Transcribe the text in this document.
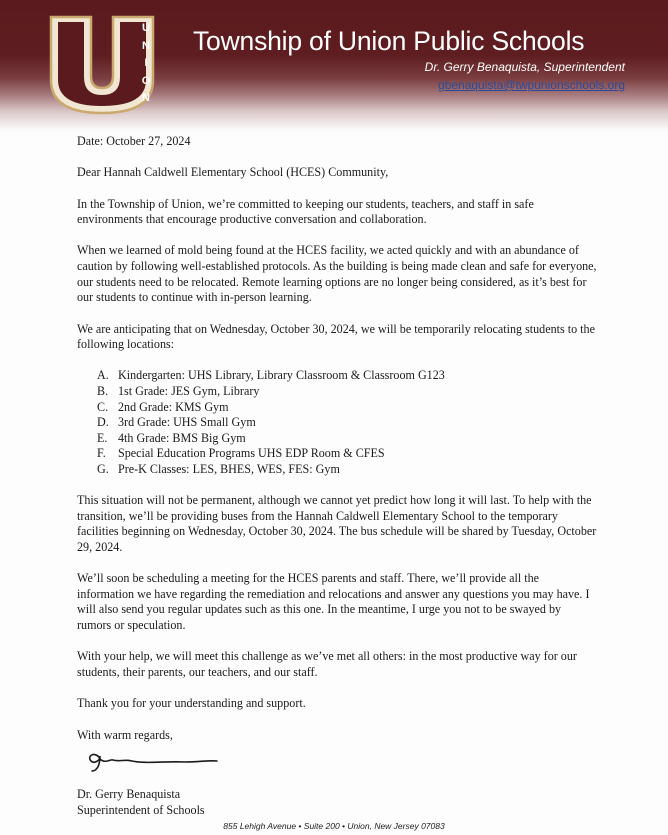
U
N
I
O
N
Township of Union Public Schools
Dr. Gerry Benaquista, Superintendent
gbenaquista@twpunionschools.org

Date: October 27, 2024

Dear Hannah Caldwell Elementary School (HCES) Community,

In the Township of Union, we’re committed to keeping our students, teachers, and staff in safe environments that encourage productive conversation and collaboration.

When we learned of mold being found at the HCES facility, we acted quickly and with an abundance of caution by following well-established protocols. As the building is being made clean and safe for everyone, our students need to be relocated. Remote learning options are no longer being considered, as it’s best for our students to continue with in-person learning.

We are anticipating that on Wednesday, October 30, 2024, we will be temporarily relocating students to the following locations:

A. Kindergarten: UHS Library, Library Classroom & Classroom G123
B. 1st Grade: JES Gym, Library
C. 2nd Grade: KMS Gym
D. 3rd Grade: UHS Small Gym
E. 4th Grade: BMS Big Gym
F.	Special Education Programs UHS EDP Room & CFES
G. Pre-K Classes: LES, BHES, WES, FES: Gym

This situation will not be permanent, although we cannot yet predict how long it will last. To help with the transition, we’ll be providing buses from the Hannah Caldwell Elementary School to the temporary facilities beginning on Wednesday, October 30, 2024. The bus schedule will be shared by Tuesday, October 29, 2024.

We’ll soon be scheduling a meeting for the HCES parents and staff. There, we’ll provide all the information we have regarding the remediation and relocations and answer any questions you may have. I will also send you regular updates such as this one. In the meantime, I urge you not to be swayed by rumors or speculation.

With your help, we will meet this challenge as we’ve met all others: in the most productive way for our students, their parents, our teachers, and our staff.

Thank you for your understanding and support.

With warm regards,

Dr. Gerry Benaquista

Superintendent of Schools

855 Lehigh Avenue • Suite 200 • Union, New Jersey 07083
